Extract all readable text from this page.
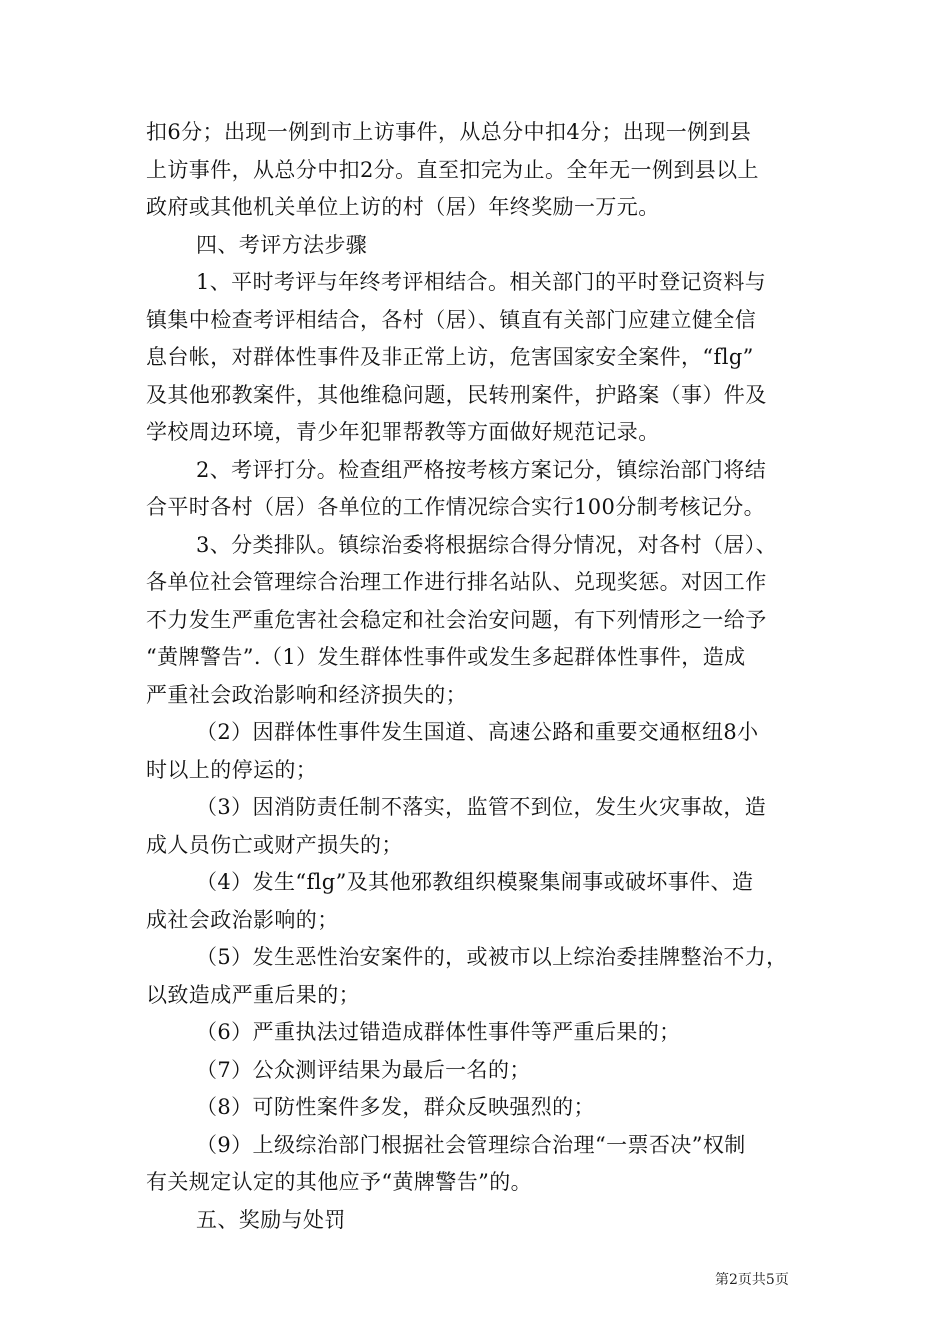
扣6分；出现一例到市上访事件，从总分中扣4分；出现一例到县
上访事件，从总分中扣2分。直至扣完为止。全年无一例到县以上
政府或其他机关单位上访的村（居）年终奖励一万元。
四、考评方法步骤
1、平时考评与年终考评相结合。相关部门的平时登记资料与
镇集中检查考评相结合，各村（居）、镇直有关部门应建立健全信
息台帐，对群体性事件及非正常上访，危害国家安全案件，“flg”
及其他邪教案件，其他维稳问题，民转刑案件，护路案（事）件及
学校周边环境，青少年犯罪帮教等方面做好规范记录。
2、考评打分。检查组严格按考核方案记分，镇综治部门将结
合平时各村（居）各单位的工作情况综合实行100分制考核记分。
3、分类排队。镇综治委将根据综合得分情况，对各村（居）、
各单位社会管理综合治理工作进行排名站队、兑现奖惩。对因工作
不力发生严重危害社会稳定和社会治安问题，有下列情形之一给予
“黄牌警告”.（1）发生群体性事件或发生多起群体性事件，造成
严重社会政治影响和经济损失的；
（2）因群体性事件发生国道、高速公路和重要交通枢纽8小
时以上的停运的；
（3）因消防责任制不落实，监管不到位，发生火灾事故，造
成人员伤亡或财产损失的；
（4）发生“flg”及其他邪教组织模聚集闹事或破坏事件、造
成社会政治影响的；
（5）发生恶性治安案件的，或被市以上综治委挂牌整治不力，
以致造成严重后果的；
（6）严重执法过错造成群体性事件等严重后果的；
（7）公众测评结果为最后一名的；
（8）可防性案件多发，群众反映强烈的；
（9）上级综治部门根据社会管理综合治理“一票否决”权制
有关规定认定的其他应予“黄牌警告”的。
五、奖励与处罚
第2页共5页
